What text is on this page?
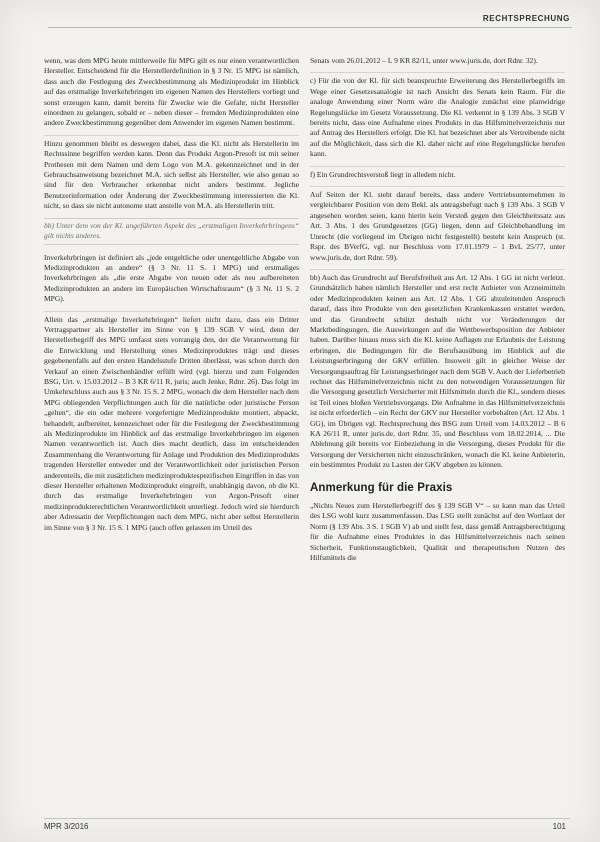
RECHTSPRECHUNG

wenn, was dem MPG heute mittlerweile für MPG gilt es nur einen verantwortlichen Hersteller. Entscheidend für die Herstellerdefinition in § 3 Nr. 15 MPG ist nämlich, dass auch die Festlegung des Zweckbestimmung als Medizinprodukt im Hinblick auf das erstmalige Inverkehrbringen im eigenen Namen des Herstellers vorliegt und sonst erzeugen kann, damit bereits für Zwecke wie die Gefahr, nicht Hersteller einordnen zu gelangen, sobald er – neben dieser – fremden Medizinprodukten eine andere Zweckbestimmung gegenüber dem Anwender im eigenen Namen bestimmt.

Hinzu genommen bleibt es deswegen dabei, dass die Kl. nicht als Herstellerin im Rechtssinne begriffen werden kann. Denn das Produkt Argon-Presoft ist mit seiner Prothesen mit dem Namen und dem Logo von M.A. gekennzeichnet und in der Gebrauchsanweisung bezeichnet M.A. sich selbst als Hersteller, wie also genau so sind für den Verbraucher erkennbar nicht anders bestimmt. Jegliche Benutzerinformation oder Änderung der Zweckbestimmung interessierten die Kl. nicht, so dass sie nicht autonome statt anstelle von M.A. als Herstellerin tritt.

bb) Unter dem von der Kl. angeführten Aspekt des „erstmaligen Inverkehrbringens“ gilt nichts anderes.

Inverkehrbringen ist definiert als „jede entgeltliche oder unentgeltliche Abgabe von Medizinprodukten an andere“ (§ 3 Nr. 11 S. 1 MPG) und erstmaliges Inverkehrbringen als „die erste Abgabe von neuen oder als neu aufbereiteten Medizinprodukten an andere im Europäischen Wirtschaftsraum“ (§ 3 Nr. 11 S. 2 MPG).

Allein das „erstmalige Inverkehrbringen“ liefert nicht dazu, dass ein Dritter Vertragspartner als Hersteller im Sinne von § 139 SGB V wird, denn der Herstellerbegriff des MPG umfasst stets vorrangig den, der die Verantwortung für die Entwicklung und Herstellung eines Medizinproduktes trägt und dieses gegebenenfalls auf den ersten Handelsstufe Dritten überlässt, was schon durch den Verkauf an einen Zwischenhändler erfüllt wird (vgl. hierzu und zum Folgenden BSG, Urt. v. 15.03.2012 – B 3 KR 6/11 R, juris; auch Jenke, Rdnr. 26). Das folgt im Umkehrschluss auch aus § 3 Nr. 15 S. 2 MPG, wonach die dem Hersteller nach dem MPG obliegenden Verpflichtungen auch für die natürliche oder juristische Person „gelten“, die ein oder mehrere vorgefertigte Medizinprodukte montiert, abpackt, behandelt, aufbereitet, kennzeichnet oder für die Festlegung der Zweckbestimmung als Medizinprodukte im Hinblick auf das erstmalige Inverkehrbringen im eigenen Namen verantwortlich ist. Auch dies macht deutlich, dass im entscheidenden Zusammenhang die Verantwortung für Anlage und Produktion des Medizinprodukts tragenden Hersteller entweder und der Verantwortlichkeit oder juristischen Person anderenteils, die mit zusätzlichen medizinproduktespezifischen Eingriffen in das von dieser Hersteller erhaltenen Medizinprodukt eingreift, unabhängig davon, ob die Kl. durch das erstmalige Inverkehrbringen von Argon-Presoft einer medizinprodukterechtlichen Verantwortlichkeit unterliegt. Jedoch wird sie hierdurch aber Adressatin der Verpflichtungen nach dem MPG, nicht aber selbst Herstellerin im Sinne von § 3 Nr. 15 S. 1 MPG (auch offen gelassen im Urteil des

Senats vom 26.01.2012 – L 9 KR 82/11, unter www.juris.de, dort Rdnr. 32).

c) Für die von der Kl. für sich beanspruchte Erweiterung des Herstellerbegriffs im Wege einer Gesetzesanalogie ist nach Ansicht des Senats kein Raum. Für die analoge Anwendung einer Norm wäre die Analogie zunächst eine planwidrige Regelungslücke im Gesetz Voraussetzung. Die Kl. verkennt in § 139 Abs. 3 SGB V bereits nicht, dass eine Aufnahme eines Produkts in das Hilfsmittelverzeichnis nur auf Antrag des Herstellers erfolgt. Die Kl. hat bezeichnet aber als Vertreibende nicht auf die Möglichkeit, dass sich die Kl. daher nicht auf eine Regelungslücke berufen kann.

f) Ein Grundrechtsverstoß liegt in alledem nicht.

Auf Seiten der Kl. steht darauf bereits, dass andere Vertriebsunternehmen in vergleichbarer Position von dem Bekl. als antragsbefugt nach § 139 Abs. 3 SGB V angesehen worden seien, kann hierin kein Verstoß gegen den Gleichheitssatz aus Art. 3 Abs. 1 des Grundgesetzes (GG) liegen, denn auf Gleichbehandlung im Unrecht (die vorliegend im Übrigen nicht festgestellt) besteht kein Anspruch (st. Rspr. des BVerfG, vgl. nur Beschluss vom 17.01.1979 – 1 BvL 25/77, unter www.juris.de, dort Rdnr. 59).

bb) Auch das Grundrecht auf Berufsfreiheit aus Art. 12 Abs. 1 GG ist nicht verletzt. Grundsätzlich haben nämlich Hersteller und erst recht Anbieter von Arzneimitteln oder Medizinprodukten keinen aus Art. 12 Abs. 1 GG abzuleitenden Anspruch darauf, dass ihre Produkte von den gesetzlichen Krankenkassen erstattet werden, und das Grundrecht schützt deshalb nicht vor Veränderungen der Marktbedingungen, die Auswirkungen auf die Wettbewerbsposition der Anbieter haben. Darüber hinaus muss sich die Kl. keine Auflagen zur Erlaubnis der Leistung erbringen, die Bedingungen für die Berufsausübung im Hinblick auf die Leistungserbringung der GKV erfüllen. Insoweit gilt in gleicher Weise der Versorgungsauftrag für Leistungserbringer nach dem SGB V. Auch der Lieferbetrieb rechnet das Hilfsmittelverzeichnis nicht zu den notwendigen Voraussetzungen für die Versorgung gesetzlich Versicherter mit Hilfsmitteln durch die Kl., sondern dieses ist Teil eines bloßen Vertriebsvorgangs. Die Aufnahme in das Hilfsmittelverzeichnis ist nicht erforderlich – ein Recht der GKV nur Hersteller vorbehalten (Art. 12 Abs. 1 GG), im Übrigen vgl. Rechtsprechung des BSG zum Urteil vom 14.03.2012 – B 6 KA 26/11 R, unter juris.de, dort Rdnr. 35, und Beschluss vom 18.02.2014, ... Die Ablehnung gilt bereits vor Einbeziehung in die Versorgung, dieses Produkt für die Versorgung der Versicherten nicht einzuschränken, wonach die Kl. keine Anbieterin, ein bestimmtes Produkt zu Lasten der GKV abgeben zu können.

Anmerkung für die Praxis

„Nichts Neues zum Herstellerbegriff des § 139 SGB V“ – so kann man das Urteil des LSG wohl kurz zusammenfassen. Das LSG stellt zunächst auf den Wortlaut der Norm (§ 139 Abs. 3 S. 1 SGB V) ab und stellt fest, dass gemäß Antragsberechtigung für die Aufnahme eines Produktes in das Hilfsmittelverzeichnis nach seinen Sicherheit, Funktionstauglichkeit, Qualität und therapeutischen Nutzen des Hilfsmittels die

MPR 3/2016	101
